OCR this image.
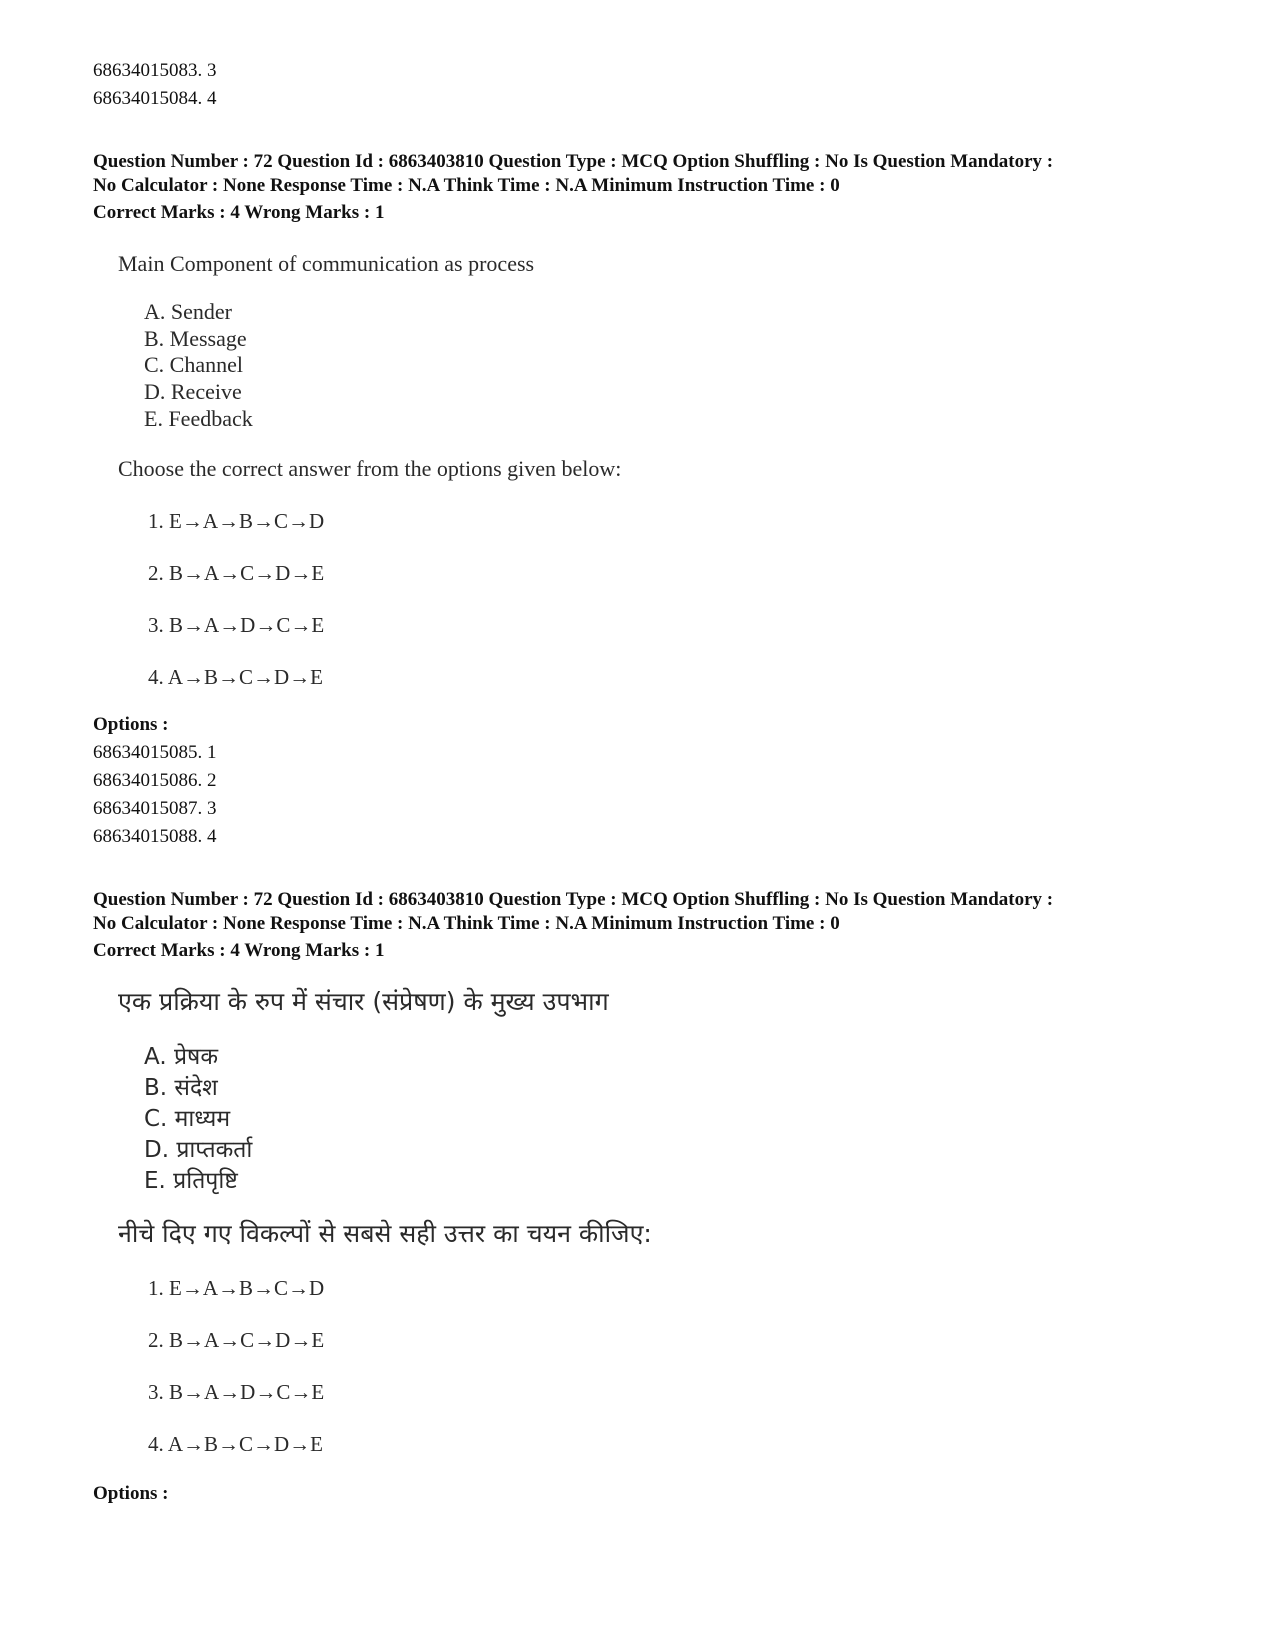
68634015083. 3
68634015084. 4
Question Number : 72 Question Id : 6863403810 Question Type : MCQ Option Shuffling : No Is Question Mandatory :
No Calculator : None Response Time : N.A Think Time : N.A Minimum Instruction Time : 0
Correct Marks : 4 Wrong Marks : 1
Main Component of communication as process
A. Sender
B. Message
C. Channel
D. Receive
E. Feedback
Choose the correct answer from the options given below:
1. E→A→B→C→D
2. B→A→C→D→E
3. B→A→D→C→E
4. A→B→C→D→E
Options :
68634015085. 1
68634015086. 2
68634015087. 3
68634015088. 4
Question Number : 72 Question Id : 6863403810 Question Type : MCQ Option Shuffling : No Is Question Mandatory :
No Calculator : None Response Time : N.A Think Time : N.A Minimum Instruction Time : 0
Correct Marks : 4 Wrong Marks : 1
एक प्रक्रिया के रुप में संचार (संप्रेषण) के मुख्य उपभाग
A. प्रेषक
B. संदेश
C. माध्यम
D. प्राप्तकर्ता
E. प्रतिपृष्टि
नीचे दिए गए विकल्पों से सबसे सही उत्तर का चयन कीजिए:
1. E→A→B→C→D
2. B→A→C→D→E
3. B→A→D→C→E
4. A→B→C→D→E
Options :
